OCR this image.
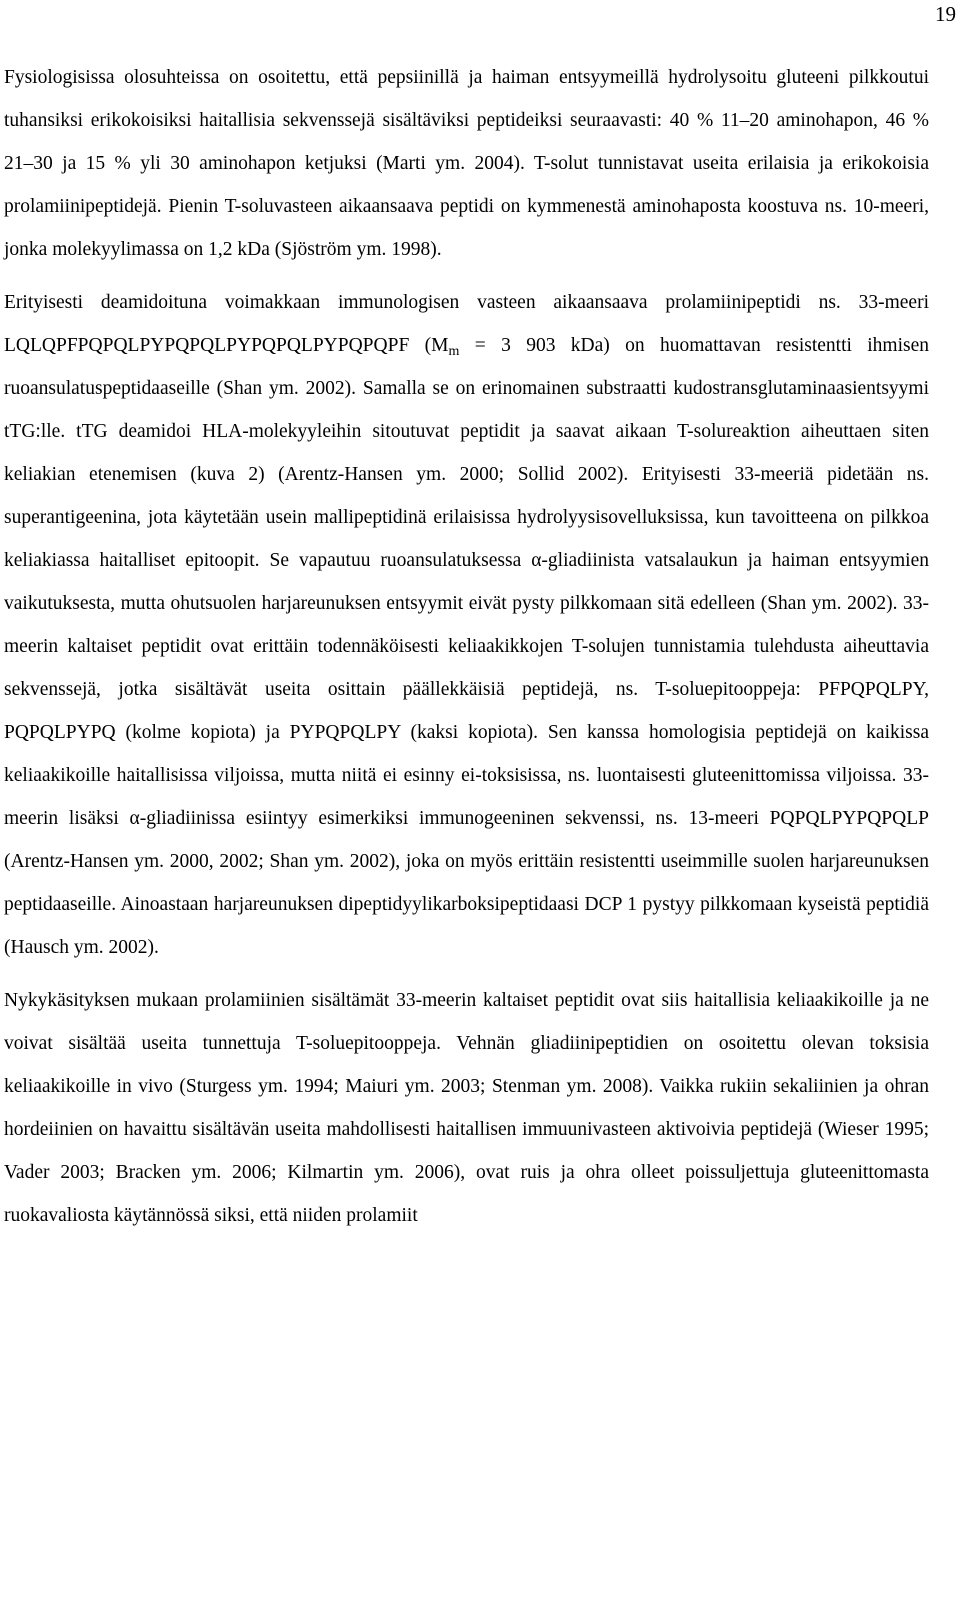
19

Fysiologisissa olosuhteissa on osoitettu, että pepsiinillä ja haiman entsyymeillä hydrolysoitu gluteeni pilkkoutui tuhansiksi erikokoisiksi haitallisia sekvenssejä sisältäviksi peptideiksi seuraavasti: 40 % 11–20 aminohapon, 46 % 21–30 ja 15 % yli 30 aminohapon ketjuksi (Marti ym. 2004). T-solut tunnistavat useita erilaisia ja erikokoisia prolamiinipeptidejä. Pienin T-soluvasteen aikaansaava peptidi on kymmenestä aminohaposta koostuva ns. 10-meeri, jonka molekyylimassa on 1,2 kDa (Sjöström ym. 1998).

Erityisesti deamidoituna voimakkaan immunologisen vasteen aikaansaava prolamiinipeptidi ns. 33-meeri LQLQPFPQPQLPYPQPQLPYPQPQLPYPQPQPF ($M_m = 3$ 903 kDa) on huomattavan resistentti ihmisen ruoansulatuspeptidaaseille (Shan ym. 2002). Samalla se on erinomainen substraatti kudostransglutaminaasientsyymi tTG:lle. tTG deamidoi HLA-molekyyleihin sitoutuvat peptidit ja saavat aikaan T-solureaktion aiheuttaen siten keliakian etenemisen (kuva 2) (Arentz-Hansen ym. 2000; Sollid 2002). Erityisesti 33-meeriä pidetään ns. superantigeenina, jota käytetään usein mallipeptidinä erilaisissa hydrolyysisovelluksissa, kun tavoitteena on pilkkoa keliakiassa haitalliset epitoopit. Se vapautuu ruoansulatuksessa α-gliadiinista vatsalaukun ja haiman entsyymien vaikutuksesta, mutta ohutsuolen harjareunuksen entsyymit eivät pysty pilkkomaan sitä edelleen (Shan ym. 2002). 33-meerin kaltaiset peptidit ovat erittäin todennäköisesti keliaakikkojen T-solujen tunnistamia tulehdusta aiheuttavia sekvenssejä, jotka sisältävät useita osittain päällekkäisiä peptidejä, ns. T-soluepitooppeja: PFPQPQLPY, PQPQLPYPQ (kolme kopiota) ja PYPQPQLPY (kaksi kopiota). Sen kanssa homologisia peptidejä on kaikissa keliaakikoille haitallisissa viljoissa, mutta niitä ei esinny ei-toksisissa, ns. luontaisesti gluteenittomissa viljoissa. 33-meerin lisäksi α-gliadiinissa esiintyy esimerkiksi immunogeeninen sekvenssi, ns. 13-meeri PQPQLPYPQPQLP (Arentz-Hansen ym. 2000, 2002; Shan ym. 2002), joka on myös erittäin resistentti useimmille suolen harjareunuksen peptidaaseille. Ainoastaan harjareunuksen dipeptidyylikarboksipeptidaasi DCP 1 pystyy pilkkomaan kyseistä peptidiä (Hausch ym. 2002).

Nykykäsityksen mukaan prolamiinien sisältämät 33-meerin kaltaiset peptidit ovat siis haitallisia keliaakikoille ja ne voivat sisältää useita tunnettuja T-soluepitooppeja. Vehnän gliadiinipeptidien on osoitettu olevan toksisia keliaakikoille in vivo (Sturgess ym. 1994; Maiuri ym. 2003; Stenman ym. 2008). Vaikka rukiin sekaliinien ja ohran hordeiinien on havaittu sisältävän useita mahdollisesti haitallisen immuunivasteen aktivoivia peptidejä (Wieser 1995; Vader 2003; Bracken ym. 2006; Kilmartin ym. 2006), ovat ruis ja ohra olleet poissuljettuja gluteenittomasta ruokavaliosta käytännössä siksi, että niiden prolamiit
